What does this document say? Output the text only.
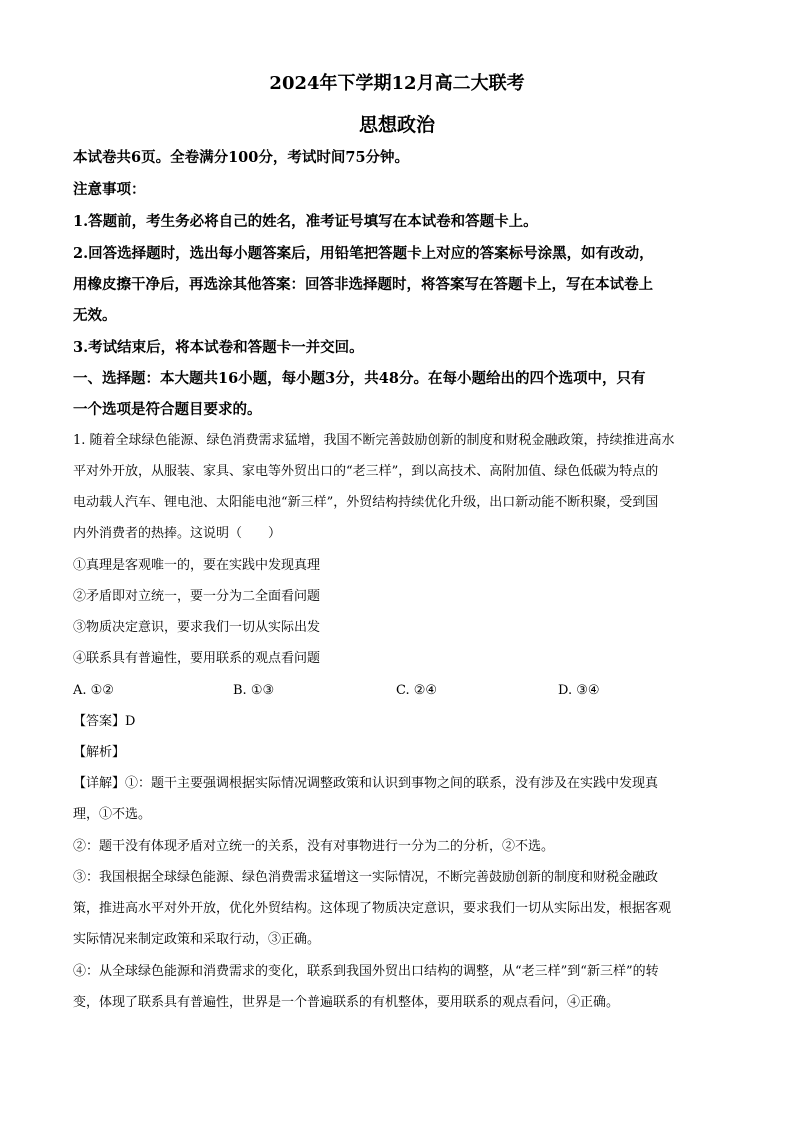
2024年下学期12月高二大联考
思想政治
本试卷共6页。全卷满分100分，考试时间75分钟。
注意事项：
1.答题前，考生务必将自己的姓名，准考证号填写在本试卷和答题卡上。
2.回答选择题时，选出每小题答案后，用铅笔把答题卡上对应的答案标号涂黑，如有改动，
用橡皮擦干净后，再选涂其他答案：回答非选择题时，将答案写在答题卡上，写在本试卷上
无效。
3.考试结束后，将本试卷和答题卡一并交回。
一、选择题：本大题共16小题，每小题3分，共48分。在每小题给出的四个选项中，只有
一个选项是符合题目要求的。
1. 随着全球绿色能源、绿色消费需求猛增，我国不断完善鼓励创新的制度和财税金融政策，持续推进高水
平对外开放，从服装、家具、家电等外贸出口的“老三样”，到以高技术、高附加值、绿色低碳为特点的
电动载人汽车、锂电池、太阳能电池“新三样”，外贸结构持续优化升级，出口新动能不断积聚，受到国
内外消费者的热捧。这说明（　　）
①真理是客观唯一的，要在实践中发现真理
②矛盾即对立统一，要一分为二全面看问题
③物质决定意识，要求我们一切从实际出发
④联系具有普遍性，要用联系的观点看问题
A. ①②	B. ①③	C. ②④	D. ③④
【答案】D
【解析】
【详解】①：题干主要强调根据实际情况调整政策和认识到事物之间的联系，没有涉及在实践中发现真
理，①不选。
②：题干没有体现矛盾对立统一的关系，没有对事物进行一分为二的分析，②不选。
③：我国根据全球绿色能源、绿色消费需求猛增这一实际情况，不断完善鼓励创新的制度和财税金融政
策，推进高水平对外开放，优化外贸结构。这体现了物质决定意识，要求我们一切从实际出发，根据客观
实际情况来制定政策和采取行动，③正确。
④：从全球绿色能源和消费需求的变化，联系到我国外贸出口结构的调整，从“老三样”到“新三样”的转
变，体现了联系具有普遍性，世界是一个普遍联系的有机整体，要用联系的观点看问，④正确。
